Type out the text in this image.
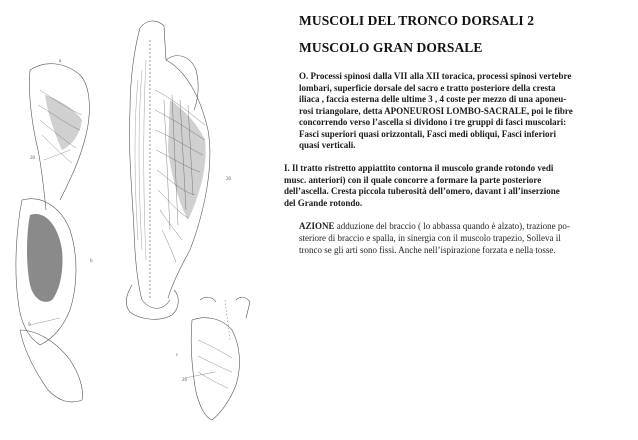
a
20
20
b
9
c
26
MUSCOLI DEL TRONCO DORSALI 2
MUSCOLO GRAN DORSALE
O. Processi spinosi dalla VII alla XII toracica, processi spinosi vertebre
lombari, superficie dorsale del sacro e tratto posteriore della cresta
iliaca , faccia esterna delle ultime 3 , 4 coste per mezzo di una aponeu-
rosi triangolare, detta APONEUROSI LOMBO-SACRALE, poi le fibre
concorrendo verso l’ascella si dividono i tre gruppi di fasci muscolari:
Fasci superiori quasi orizzontali, Fasci medi obliqui, Fasci inferiori
quasi verticali.
I. Il tratto ristretto appiattito contorna il muscolo grande rotondo vedi
musc. anteriori) con il quale concorre a formare la parte posteriore
dell’ascella. Cresta piccola tuberosità dell’omero, davant i all’inserzione
del Grande rotondo.
AZIONE adduzione del braccio ( lo abbassa quando è alzato), trazione po-
steriore di braccio e spalla, in sinergia con il muscolo trapezio, Solleva il
tronco se gli arti sono fissi. Anche nell’ispirazione forzata e nella tosse.
